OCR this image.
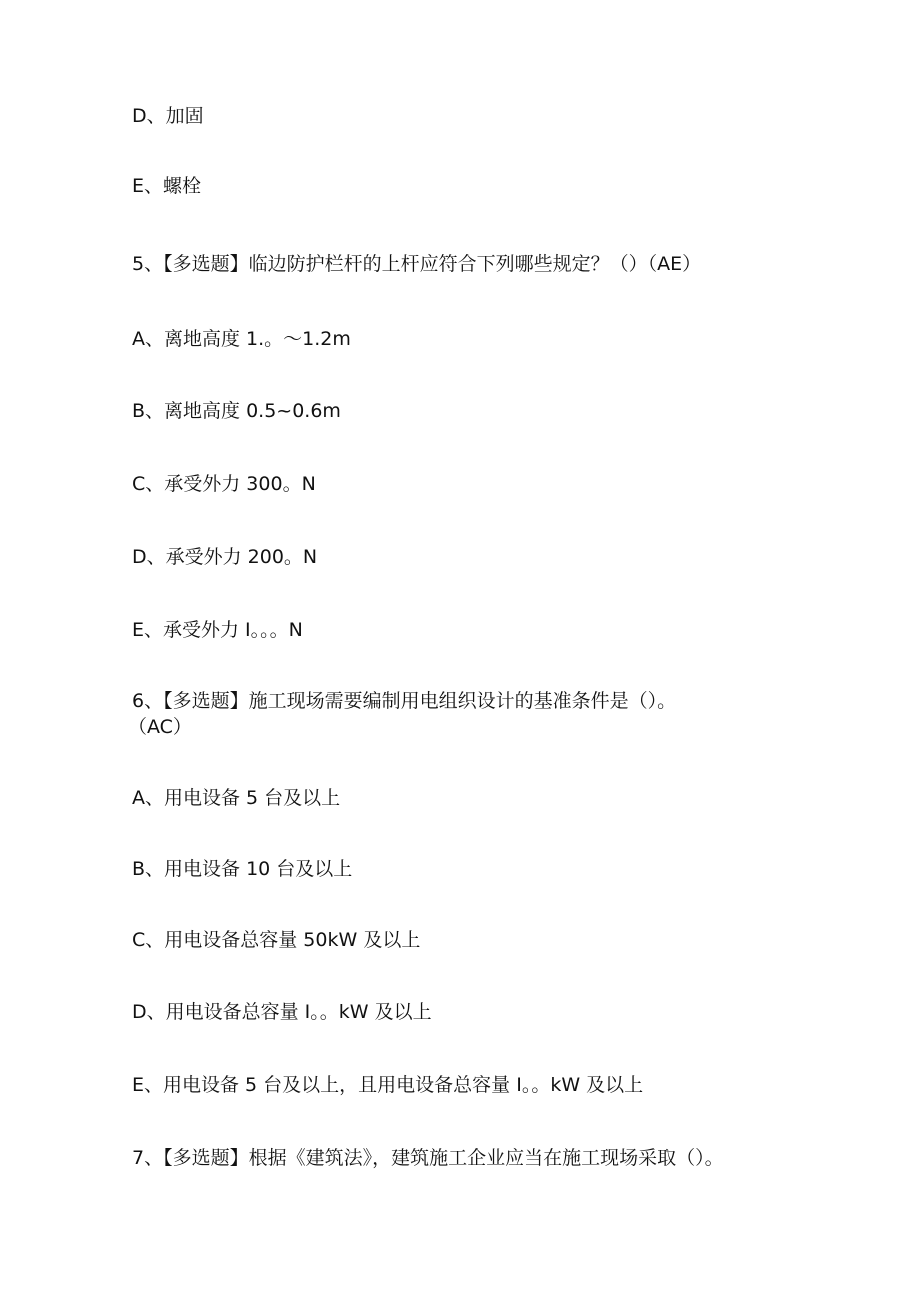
D、加固
E、螺栓
5、【多选题】临边防护栏杆的上杆应符合下列哪些规定？（）（AE）
A、离地高度 1.。～1.2m
B、离地高度 0.5~0.6m
C、承受外力 300。N
D、承受外力 200。N
E、承受外力 I。。。N
6、【多选题】施工现场需要编制用电组织设计的基准条件是（）。
（AC）
A、用电设备 5 台及以上
B、用电设备 10 台及以上
C、用电设备总容量 50kW 及以上
D、用电设备总容量 I。。kW 及以上
E、用电设备 5 台及以上，且用电设备总容量 I。。kW 及以上
7、【多选题】根据《建筑法》，建筑施工企业应当在施工现场采取（）。
